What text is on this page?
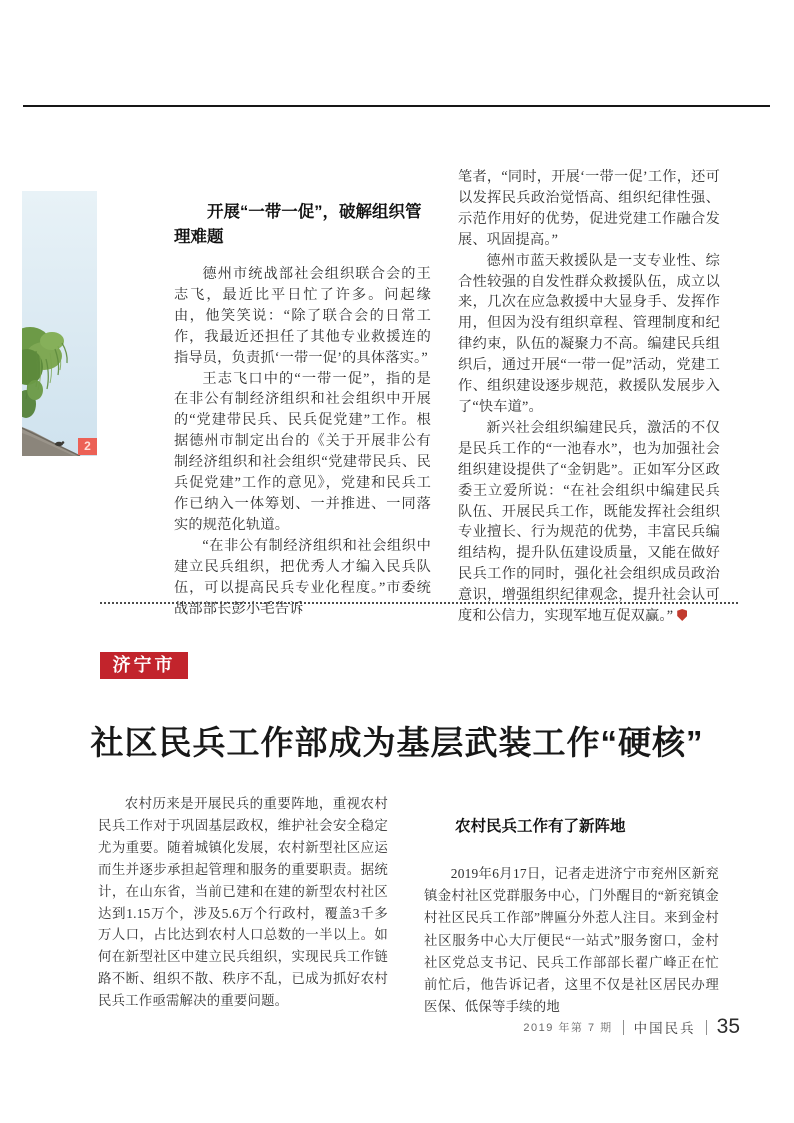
2
开展“一带一促”，破解组织管理难题

德州市统战部社会组织联合会的王志飞，最近比平日忙了许多。问起缘由，他笑笑说：“除了联合会的日常工作，我最近还担任了其他专业救援连的指导员，负责抓‘一带一促’的具体落实。”

王志飞口中的“一带一促”，指的是在非公有制经济组织和社会组织中开展的“党建带民兵、民兵促党建”工作。根据德州市制定出台的《关于开展非公有制经济组织和社会组织“党建带民兵、民兵促党建”工作的意见》，党建和民兵工作已纳入一体筹划、一并推进、一同落实的规范化轨道。

“在非公有制经济组织和社会组织中建立民兵组织，把优秀人才编入民兵队伍，可以提高民兵专业化程度。”市委统战部部长彭小毛告诉

笔者，“同时，开展‘一带一促’工作，还可以发挥民兵政治觉悟高、组织纪律性强、示范作用好的优势，促进党建工作融合发展、巩固提高。”

德州市蓝天救援队是一支专业性、综合性较强的自发性群众救援队伍，成立以来，几次在应急救援中大显身手、发挥作用，但因为没有组织章程、管理制度和纪律约束，队伍的凝聚力不高。编建民兵组织后，通过开展“一带一促”活动，党建工作、组织建设逐步规范，救援队发展步入了“快车道”。

新兴社会组织编建民兵，激活的不仅是民兵工作的“一池春水”，也为加强社会组织建设提供了“金钥匙”。正如军分区政委王立爱所说：“在社会组织中编建民兵队伍、开展民兵工作，既能发挥社会组织专业擅长、行为规范的优势，丰富民兵编组结构，提升队伍建设质量，又能在做好民兵工作的同时，强化社会组织成员政治意识，增强组织纪律观念，提升社会认可度和公信力，实现军地互促双赢。”

济宁市
社区民兵工作部成为基层武装工作“硬核”

农村历来是开展民兵的重要阵地，重视农村民兵工作对于巩固基层政权，维护社会安全稳定尤为重要。随着城镇化发展，农村新型社区应运而生并逐步承担起管理和服务的重要职责。据统计，在山东省，当前已建和在建的新型农村社区达到1.15万个，涉及5.6万个行政村，覆盖3千多万人口，占比达到农村人口总数的一半以上。如何在新型社区中建立民兵组织，实现民兵工作链路不断、组织不散、秩序不乱，已成为抓好农村民兵工作亟需解决的重要问题。

农村民兵工作有了新阵地

2019年6月17日，记者走进济宁市兖州区新兖镇金村社区党群服务中心，门外醒目的“新兖镇金村社区民兵工作部”牌匾分外惹人注目。来到金村社区服务中心大厅便民“一站式”服务窗口，金村社区党总支书记、民兵工作部部长翟广峰正在忙前忙后，他告诉记者，这里不仅是社区居民办理医保、低保等手续的地

2019 年第 7 期 中国民兵 35
